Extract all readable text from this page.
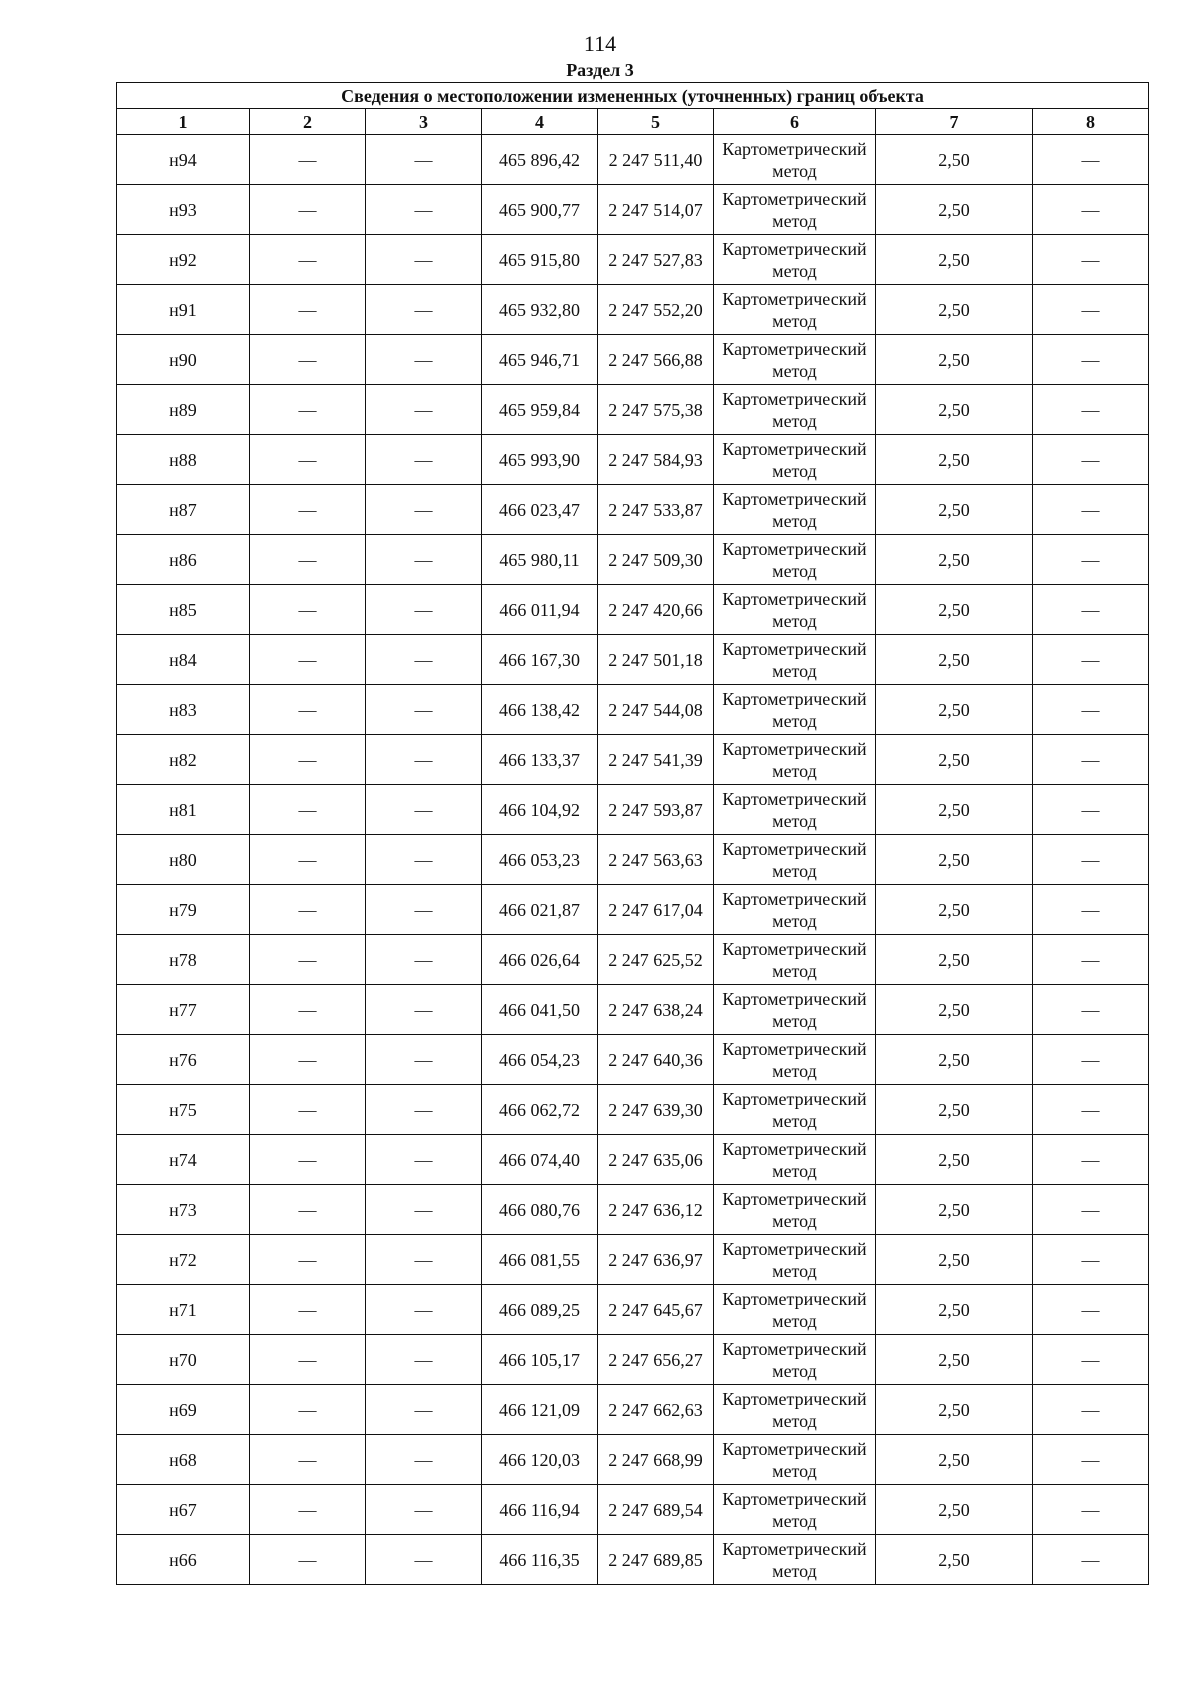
114
Раздел 3
Сведения о местоположении измененных (уточненных) границ объекта							
1	2	3	4	5	6	7	8
н94	—	—	465 896,42	2 247 511,40	Картометрический метод	2,50	—
н93	—	—	465 900,77	2 247 514,07	Картометрический метод	2,50	—
н92	—	—	465 915,80	2 247 527,83	Картометрический метод	2,50	—
н91	—	—	465 932,80	2 247 552,20	Картометрический метод	2,50	—
н90	—	—	465 946,71	2 247 566,88	Картометрический метод	2,50	—
н89	—	—	465 959,84	2 247 575,38	Картометрический метод	2,50	—
н88	—	—	465 993,90	2 247 584,93	Картометрический метод	2,50	—
н87	—	—	466 023,47	2 247 533,87	Картометрический метод	2,50	—
н86	—	—	465 980,11	2 247 509,30	Картометрический метод	2,50	—
н85	—	—	466 011,94	2 247 420,66	Картометрический метод	2,50	—
н84	—	—	466 167,30	2 247 501,18	Картометрический метод	2,50	—
н83	—	—	466 138,42	2 247 544,08	Картометрический метод	2,50	—
н82	—	—	466 133,37	2 247 541,39	Картометрический метод	2,50	—
н81	—	—	466 104,92	2 247 593,87	Картометрический метод	2,50	—
н80	—	—	466 053,23	2 247 563,63	Картометрический метод	2,50	—
н79	—	—	466 021,87	2 247 617,04	Картометрический метод	2,50	—
н78	—	—	466 026,64	2 247 625,52	Картометрический метод	2,50	—
н77	—	—	466 041,50	2 247 638,24	Картометрический метод	2,50	—
н76	—	—	466 054,23	2 247 640,36	Картометрический метод	2,50	—
н75	—	—	466 062,72	2 247 639,30	Картометрический метод	2,50	—
н74	—	—	466 074,40	2 247 635,06	Картометрический метод	2,50	—
н73	—	—	466 080,76	2 247 636,12	Картометрический метод	2,50	—
н72	—	—	466 081,55	2 247 636,97	Картометрический метод	2,50	—
н71	—	—	466 089,25	2 247 645,67	Картометрический метод	2,50	—
н70	—	—	466 105,17	2 247 656,27	Картометрический метод	2,50	—
н69	—	—	466 121,09	2 247 662,63	Картометрический метод	2,50	—
н68	—	—	466 120,03	2 247 668,99	Картометрический метод	2,50	—
н67	—	—	466 116,94	2 247 689,54	Картометрический метод	2,50	—
н66	—	—	466 116,35	2 247 689,85	Картометрический метод	2,50	—
